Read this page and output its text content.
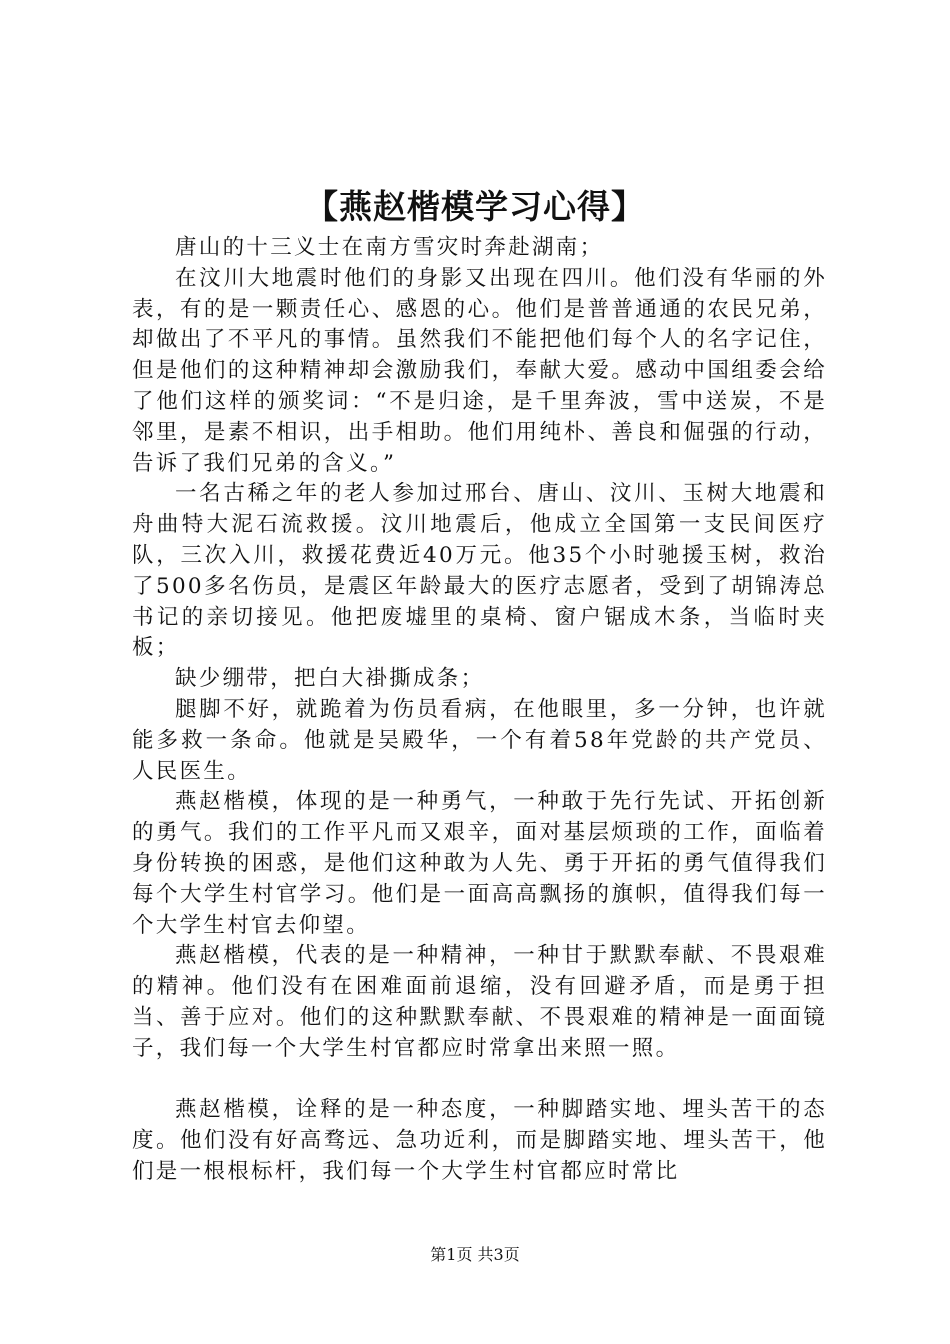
【燕赵楷模学习心得】

唐山的十三义士在南方雪灾时奔赴湖南；

在汶川大地震时他们的身影又出现在四川。他们没有华丽的外表，有的是一颗责任心、感恩的心。他们是普普通通的农民兄弟，却做出了不平凡的事情。虽然我们不能把他们每个人的名字记住，但是他们的这种精神却会激励我们，奉献大爱。感动中国组委会给了他们这样的颁奖词：“不是归途，是千里奔波，雪中送炭，不是邻里，是素不相识，出手相助。他们用纯朴、善良和倔强的行动，告诉了我们兄弟的含义。”

一名古稀之年的老人参加过邢台、唐山、汶川、玉树大地震和舟曲特大泥石流救援。汶川地震后，他成立全国第一支民间医疗队，三次入川，救援花费近40万元。他35个小时驰援玉树，救治了500多名伤员，是震区年龄最大的医疗志愿者，受到了胡锦涛总书记的亲切接见。他把废墟里的桌椅、窗户锯成木条，当临时夹板；

缺少绷带，把白大褂撕成条；

腿脚不好，就跪着为伤员看病，在他眼里，多一分钟，也许就能多救一条命。他就是吴殿华，一个有着58年党龄的共产党员、人民医生。

燕赵楷模，体现的是一种勇气，一种敢于先行先试、开拓创新的勇气。我们的工作平凡而又艰辛，面对基层烦琐的工作，面临着身份转换的困惑，是他们这种敢为人先、勇于开拓的勇气值得我们每个大学生村官学习。他们是一面高高飘扬的旗帜，值得我们每一个大学生村官去仰望。

燕赵楷模，代表的是一种精神，一种甘于默默奉献、不畏艰难的精神。他们没有在困难面前退缩，没有回避矛盾，而是勇于担当、善于应对。他们的这种默默奉献、不畏艰难的精神是一面面镜子，我们每一个大学生村官都应时常拿出来照一照。

燕赵楷模，诠释的是一种态度，一种脚踏实地、埋头苦干的态度。他们没有好高骛远、急功近利，而是脚踏实地、埋头苦干，他们是一根根标杆，我们每一个大学生村官都应时常比

第1页 共3页
